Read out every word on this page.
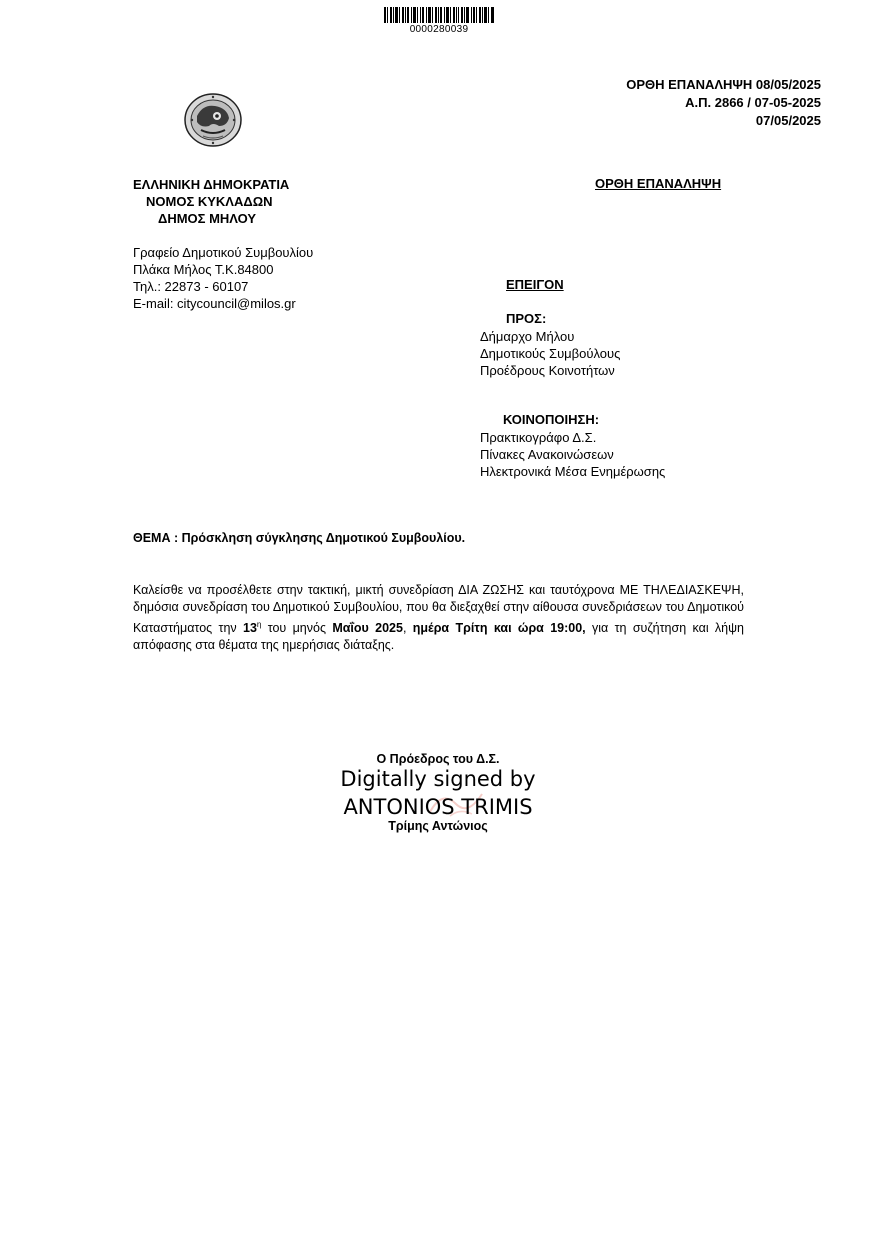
0000280039
ΟΡΘΗ ΕΠΑΝΑΛΗΨΗ 08/05/2025
Α.Π. 2866 / 07-05-2025
07/05/2025
ΕΛΛΗΝΙΚΗ ΔΗΜΟΚΡΑΤΙΑ
ΝΟΜΟΣ ΚΥΚΛΑΔΩΝ
ΔΗΜΟΣ ΜΗΛΟΥ
ΟΡΘΗ ΕΠΑΝΑΛΗΨΗ
Γραφείο Δημοτικού Συμβουλίου
Πλάκα Μήλος Τ.Κ.84800
Τηλ.: 22873 - 60107
E-mail: citycouncil@milos.gr
ΕΠΕΙΓΟΝ
ΠΡΟΣ:
Δήμαρχο Μήλου
Δημοτικούς Συμβούλους
Προέδρους Κοινοτήτων
ΚΟΙΝΟΠΟΙΗΣΗ:
Πρακτικογράφο Δ.Σ.
Πίνακες Ανακοινώσεων
Ηλεκτρονικά Μέσα Ενημέρωσης
ΘΕΜΑ : Πρόσκληση σύγκλησης Δημοτικού Συμβουλίου.
Καλείσθε να προσέλθετε στην τακτική, μικτή συνεδρίαση ΔΙΑ ΖΩΣΗΣ και ταυτόχρονα ΜΕ ΤΗΛΕΔΙΑΣΚΕΨΗ, δημόσια συνεδρίαση του Δημοτικού Συμβουλίου, που θα διεξαχθεί στην αίθουσα συνεδριάσεων του Δημοτικού Καταστήματος την $13^\eta$ του μηνός Μαΐου 2025, ημέρα Τρίτη και ώρα 19:00, για τη συζήτηση και λήψη απόφασης στα θέματα της ημερήσιας διάταξης.
Ο Πρόεδρος του Δ.Σ.
Digitally signed by
ANTONIOS TRIMIS
Τρίμης Αντώνιος
